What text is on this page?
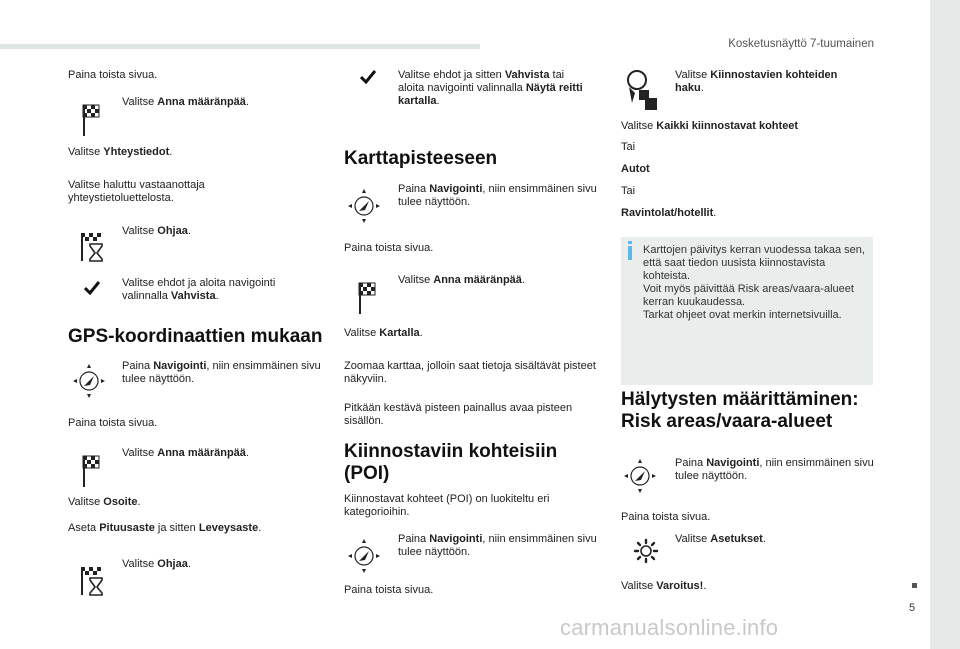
Kosketusnäyttö 7-tuumainen
5
Paina toista sivua.
Valitse Anna määränpää.
Valitse Yhteystiedot.
Valitse haluttu vastaanottaja yhteystietoluettelosta.
Valitse Ohjaa.
Valitse ehdot ja aloita navigointi valinnalla Vahvista.
GPS-koordinaattien mukaan
Paina Navigointi, niin ensimmäinen sivu tulee näyttöön.
Paina toista sivua.
Valitse Anna määränpää.
Valitse Osoite.
Aseta Pituusaste ja sitten Leveysaste.
Valitse Ohjaa.
Valitse ehdot ja sitten Vahvista tai aloita navigointi valinnalla Näytä reitti kartalla.
Karttapisteeseen
Paina Navigointi, niin ensimmäinen sivu tulee näyttöön.
Paina toista sivua.
Valitse Anna määränpää.
Valitse Kartalla.
Zoomaa karttaa, jolloin saat tietoja sisältävät pisteet näkyviin.
Pitkään kestävä pisteen painallus avaa pisteen sisällön.
Kiinnostaviin kohteisiin (POI)
Kiinnostavat kohteet (POI) on luokiteltu eri kategorioihin.
Paina Navigointi, niin ensimmäinen sivu tulee näyttöön.
Paina toista sivua.
Valitse Kiinnostavien kohteiden haku.
Valitse Kaikki kiinnostavat kohteet
Tai
Autot
Tai
Ravintolat/hotellit.
Karttojen päivitys kerran vuodessa takaa sen, että saat tiedon uusista kiinnostavista kohteista.
Voit myös päivittää Risk areas/vaara-alueet kerran kuukaudessa.
Tarkat ohjeet ovat merkin internetsivuilla.
Hälytysten määrittäminen: Risk areas/vaara-alueet
Paina Navigointi, niin ensimmäinen sivu tulee näyttöön.
Paina toista sivua.
Valitse Asetukset.
Valitse Varoitus!.
carmanualsonline.info
